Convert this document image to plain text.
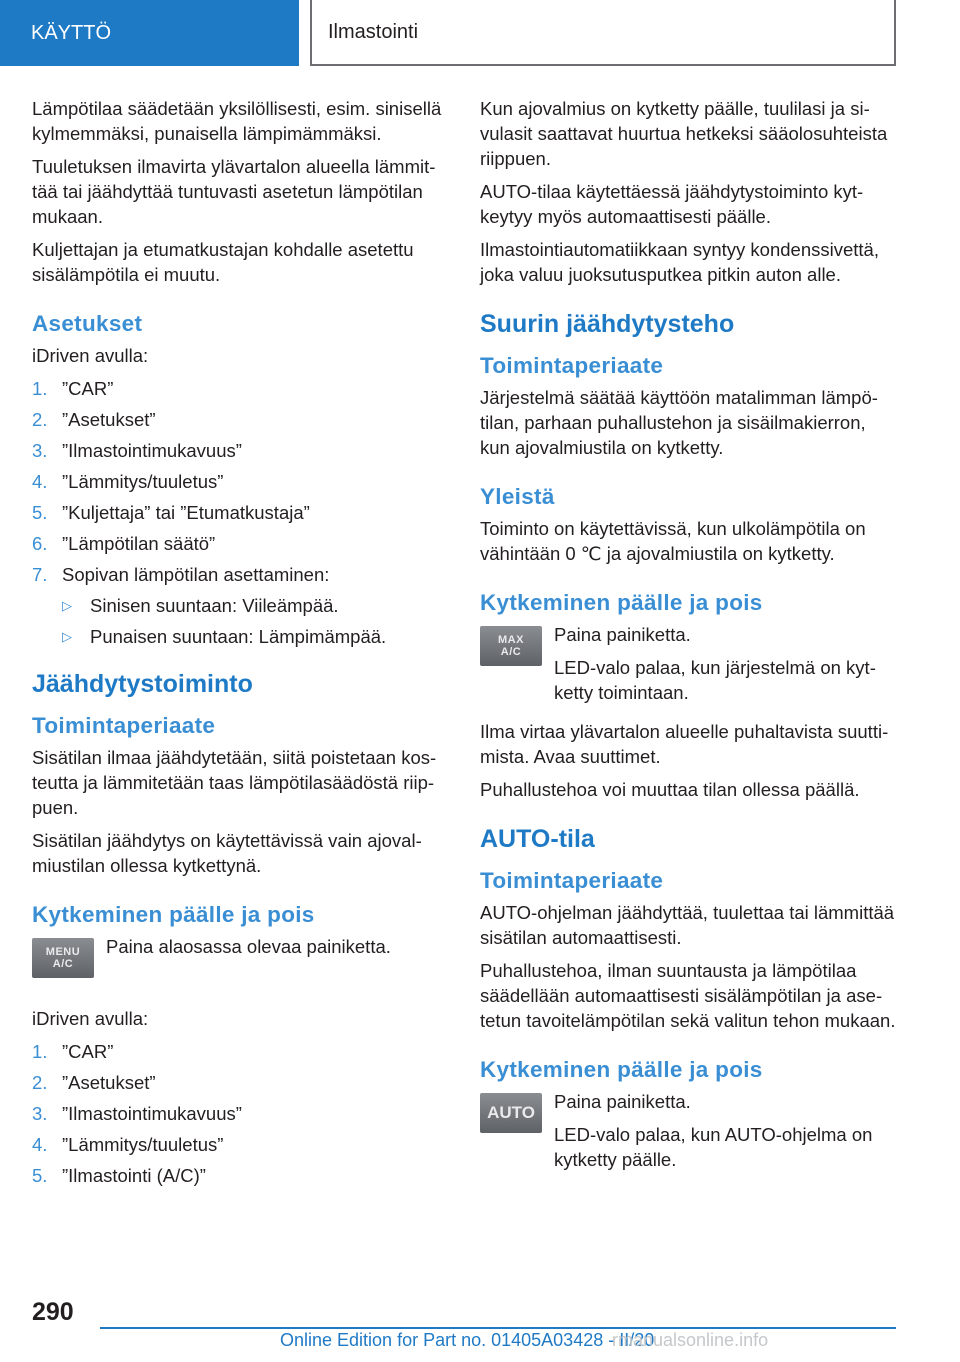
KÄYTTÖ	Ilmastointi

Lämpötilaa säädetään yksilöllisesti, esim. sinisellä kylmemmäksi, punaisella lämpimämmäksi.

Tuuletuksen ilmavirta ylävartalon alueella lämmittää tai jäähdyttää tuntuvasti asetetun lämpötilan mukaan.

Kuljettajan ja etumatkustajan kohdalle asetettu sisälämpötila ei muutu.

Asetukset

iDriven avulla:

1. ”CAR”
2. ”Asetukset”
3. ”Ilmastointimukavuus”
4. ”Lämmitys/tuuletus”
5. ”Kuljettaja” tai ”Etumatkustaja”
6. ”Lämpötilan säätö”
7. Sopivan lämpötilan asettaminen:
▷ Sinisen suuntaan: Viileämpää.
▷ Punaisen suuntaan: Lämpimämpää.
Jäähdytystoiminto
Toimintaperiaate

Sisätilan ilmaa jäähdytetään, siitä poistetaan kosteutta ja lämmitetään taas lämpötilasäädöstä riippuen.

Sisätilan jäähdytys on käytettävissä vain ajovalmiustilan ollessa kytkettynä.

Kytkeminen päälle ja pois
MENU
A/C

Paina alaosassa olevaa painiketta.

iDriven avulla:

1. ”CAR”
2. ”Asetukset”
3. ”Ilmastointimukavuus”
4. ”Lämmitys/tuuletus”
5. ”Ilmastointi (A/C)”

Kun ajovalmius on kytketty päälle, tuulilasi ja sivulasit saattavat huurtua hetkeksi sääolosuhteista riippuen.

AUTO-tilaa käytettäessä jäähdytystoiminto kytkeytyy myös automaattisesti päälle.

Ilmastointiautomatiikkaan syntyy kondenssivettä, joka valuu juoksutusputkea pitkin auton alle.

Suurin jäähdytysteho
Toimintaperiaate

Järjestelmä säätää käyttöön matalimman lämpötilan, parhaan puhallustehon ja sisäilmakierron, kun ajovalmiustila on kytketty.

Yleistä

Toiminto on käytettävissä, kun ulkolämpötila on vähintään 0 ℃ ja ajovalmiustila on kytketty.

Kytkeminen päälle ja pois
MAX
A/C

Paina painiketta.

LED-valo palaa, kun järjestelmä on kytketty toimintaan.

Ilma virtaa ylävartalon alueelle puhaltavista suuttimista. Avaa suuttimet.

Puhallustehoa voi muuttaa tilan ollessa päällä.

AUTO-tila
Toimintaperiaate

AUTO-ohjelman jäähdyttää, tuulettaa tai lämmittää sisätilan automaattisesti.

Puhallustehoa, ilman suuntausta ja lämpötilaa säädellään automaattisesti sisälämpötilan ja asetetun tavoitelämpötilan sekä valitun tehon mukaan.

Kytkeminen päälle ja pois
AUTO

Paina painiketta.

LED-valo palaa, kun AUTO-ohjelma on kytketty päälle.

290
Online Edition for Part no. 01405A03428 - II/20
rmanualsonline.info
